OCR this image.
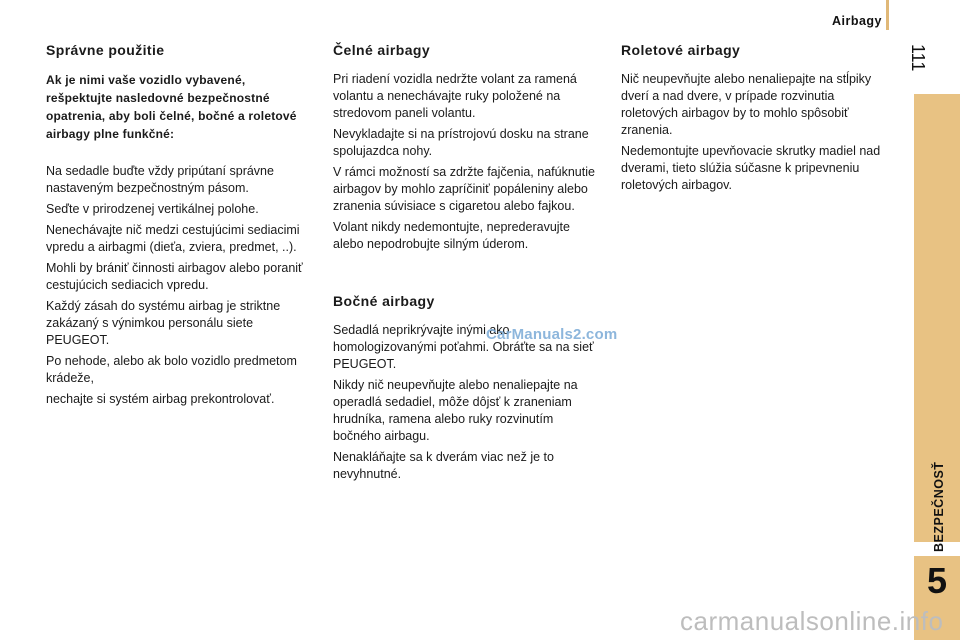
Airbagy
111
BEZPEČNOSŤ
5
Správne použitie
Ak je nimi vaše vozidlo vybavené, rešpektujte nasledovné bezpečnostné opatrenia, aby boli čelné, bočné a roletové airbagy plne funkčné:

Na sedadle buďte vždy pripútaní správne nastaveným bezpečnostným pásom.

Seďte v prirodzenej vertikálnej polohe.

Nenechávajte nič medzi cestujúcimi sediacimi vpredu a airbagmi (dieťa, zviera, predmet, ..).

Mohli by brániť činnosti airbagov alebo poraniť cestujúcich sediacich vpredu.

Každý zásah do systému airbag je striktne zakázaný s výnimkou personálu siete PEUGEOT.

Po nehode, alebo ak bolo vozidlo predmetom krádeže,

nechajte si systém airbag prekontrolovať.

Čelné airbagy

Pri riadení vozidla nedržte volant za ramená volantu a nenechávajte ruky položené na stredovom paneli volantu.

Nevykladajte si na prístrojovú dosku na strane spolujazdca nohy.

V rámci možností sa zdržte fajčenia, nafúknutie airbagov by mohlo zapríčiniť popáleniny alebo zranenia súvisiace s cigaretou alebo fajkou.

Volant nikdy nedemontujte, neprederavujte alebo nepodrobujte silným úderom.

Bočné airbagy

Sedadlá neprikrývajte inými ako homologizovanými poťahmi. Obráťte sa na sieť PEUGEOT.

Nikdy nič neupevňujte alebo nenaliepajte na operadlá sedadiel, môže dôjsť k zraneniam hrudníka, ramena alebo ruky rozvinutím bočného airbagu.

Nenakláňajte sa k dverám viac než je to nevyhnutné.

Roletové airbagy

Nič neupevňujte alebo nenaliepajte na stĺpiky dverí a nad dvere, v prípade rozvinutia roletových airbagov by to mohlo spôsobiť zranenia.

Nedemontujte upevňovacie skrutky madiel nad dverami, tieto slúžia súčasne k pripevneniu roletových airbagov.

CarManuals2.com
carmanualsonline.info
